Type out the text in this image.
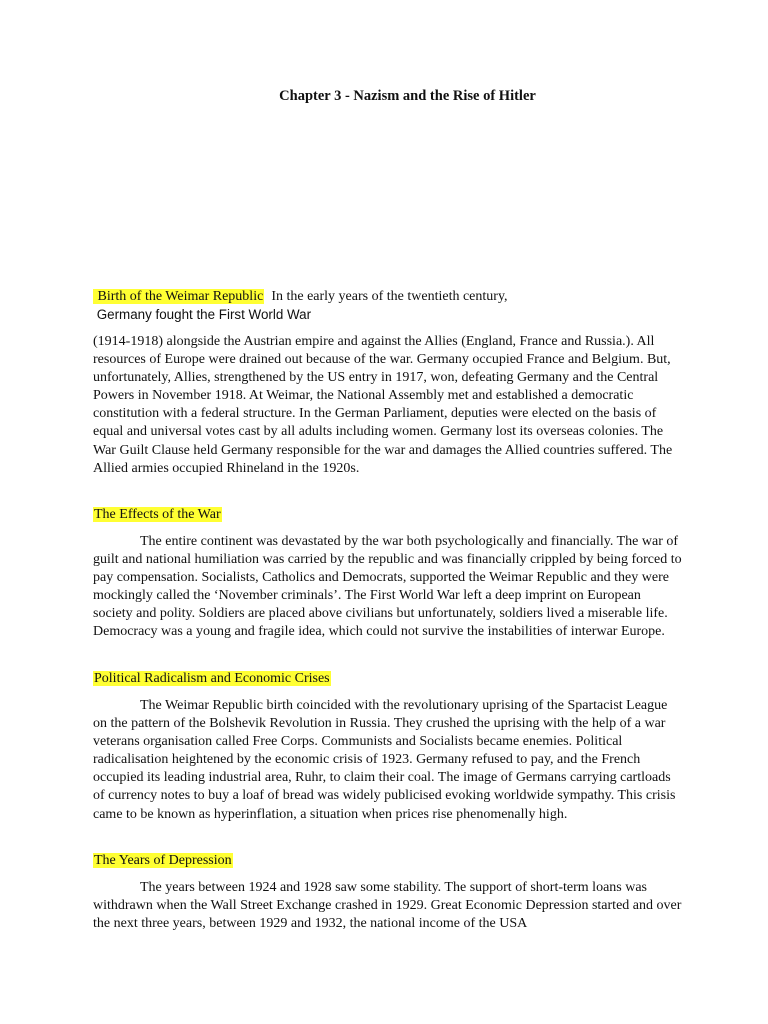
Chapter 3 - Nazism and the Rise of Hitler
Birth of the Weimar Republic  In the early years of the twentieth century,
Germany fought the First World War

(1914-1918) alongside the Austrian empire and against the Allies (England, France and Russia.). All resources of Europe were drained out because of the war. Germany occupied France and Belgium. But, unfortunately, Allies, strengthened by the US entry in 1917, won, defeating Germany and the Central Powers in November 1918. At Weimar, the National Assembly met and established a democratic constitution with a federal structure. In the German Parliament, deputies were elected on the basis of equal and universal votes cast by all adults including women. Germany lost its overseas colonies. The War Guilt Clause held Germany responsible for the war and damages the Allied countries suffered. The Allied armies occupied Rhineland in the 1920s.

The Effects of the War

The entire continent was devastated by the war both psychologically and financially. The war of guilt and national humiliation was carried by the republic and was financially crippled by being forced to pay compensation. Socialists, Catholics and Democrats, supported the Weimar Republic and they were mockingly called the ‘November criminals’. The First World War left a deep imprint on European society and polity. Soldiers are placed above civilians but unfortunately, soldiers lived a miserable life. Democracy was a young and fragile idea, which could not survive the instabilities of interwar Europe.

Political Radicalism and Economic Crises

The Weimar Republic birth coincided with the revolutionary uprising of the Spartacist League on the pattern of the Bolshevik Revolution in Russia. They crushed the uprising with the help of a war veterans organisation called Free Corps. Communists and Socialists became enemies. Political radicalisation heightened by the economic crisis of 1923. Germany refused to pay, and the French occupied its leading industrial area, Ruhr, to claim their coal. The image of Germans carrying cartloads of currency notes to buy a loaf of bread was widely publicised evoking worldwide sympathy. This crisis came to be known as hyperinflation, a situation when prices rise phenomenally high.

The Years of Depression

The years between 1924 and 1928 saw some stability. The support of short-term loans was withdrawn when the Wall Street Exchange crashed in 1929. Great Economic Depression started and over the next three years, between 1929 and 1932, the national income of the USA
